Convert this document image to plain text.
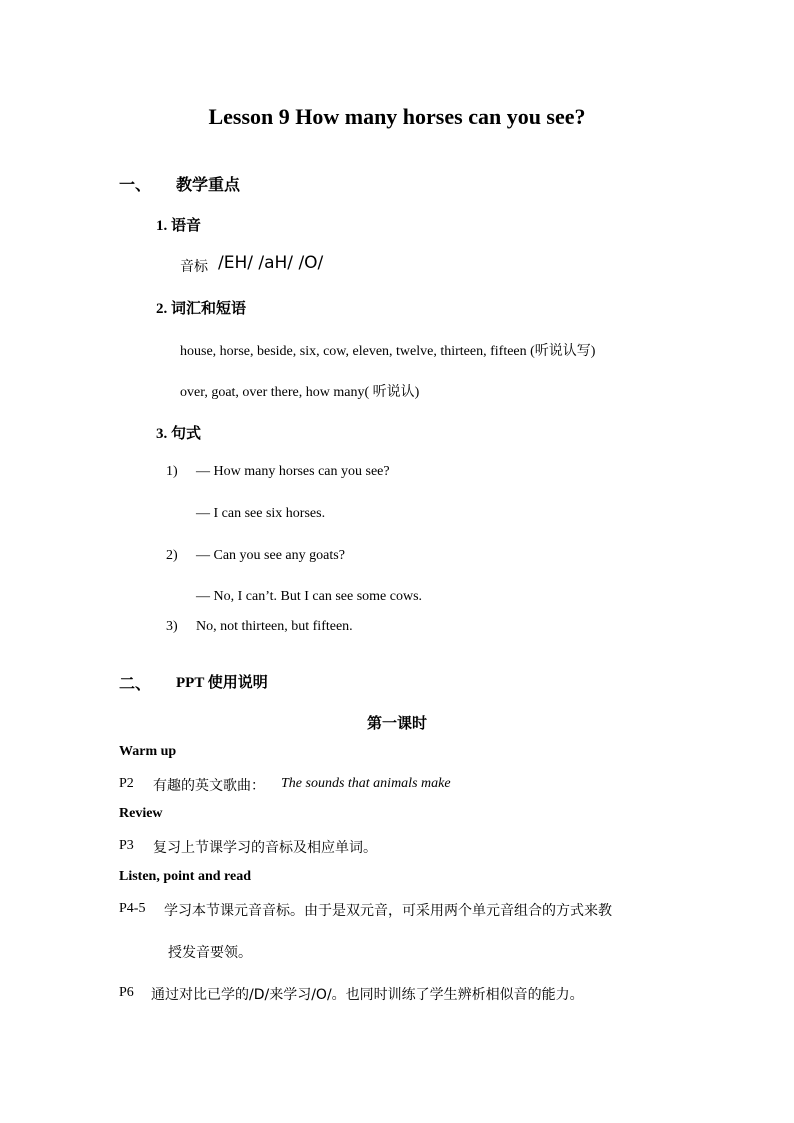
Lesson 9 How many horses can you see?
一、 教学重点
1. 语音
音标 /EH/ /aH/ /O/
2. 词汇和短语
house, horse, beside, six, cow, eleven, twelve, thirteen, fifteen (听说认写)
over, goat, over there, how many( 听说认)
3. 句式
1) — How many horses can you see?
— I can see six horses.
2) — Can you see any goats?
— No, I can’t. But I can see some cows.
3) No, not thirteen, but fifteen.
二、 PPT 使用说明
第一课时
Warm up
P2 有趣的英文歌曲： The sounds that animals make
Review
P3 复习上节课学习的音标及相应单词。
Listen, point and read
P4-5 学习本节课元音音标。由于是双元音，可采用两个单元音组合的方式来教
授发音要领。
P6 通过对比已学的/D/来学习/O/。也同时训练了学生辨析相似音的能力。
